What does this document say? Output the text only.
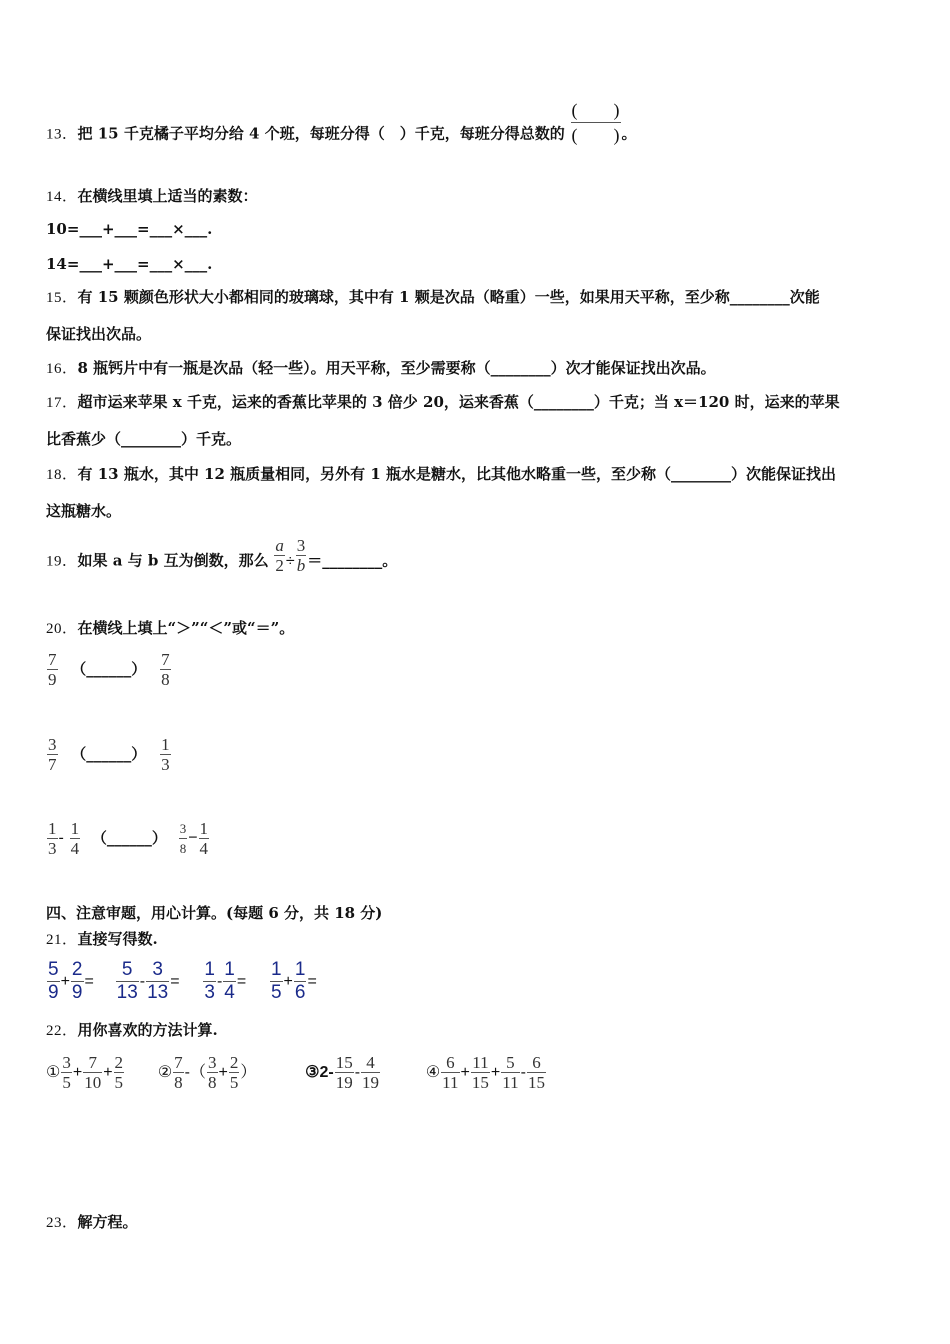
13．把 15 千克橘子平均分给 4 个班，每班分得（　）千克，每班分得总数的 $\frac{( )}{( )}$ 。
14．在横线里填上适当的素数：
10=___+___=___×___.
14=___+___=___×___.
15．有 15 颗颜色形状大小都相同的玻璃球，其中有 1 颗是次品（略重）一些，如果用天平称，至少称________次能
保证找出次品。
16．8 瓶钙片中有一瓶是次品（轻一些）。用天平称，至少需要称（________）次才能保证找出次品。
17．超市运来苹果 x 千克，运来的香蕉比苹果的 3 倍少 20，运来香蕉（________）千克；当 x＝120 时，运来的苹果
比香蕉少（________）千克。
18．有 13 瓶水，其中 12 瓶质量相同，另外有 1 瓶水是糖水，比其他水略重一些，至少称（________）次能保证找出
这瓶糖水。
19．如果 a 与 b 互为倒数，那么 $\frac{a}{2} \div \frac{3}{b}$ ＝________。
20．在横线上填上“＞”“＜”或“＝”。
$\frac{7}{9}$ （______） $\frac{7}{8}$
$\frac{3}{7}$ （______） $\frac{1}{3}$
$\frac{1}{3} - \frac{1}{4}$ （______） $\frac{3}{8} - \frac{1}{4}$
四、注意审题，用心计算。(每题 6 分，共 18 分)
21．直接写得数.
$\frac{5}{9} + \frac{2}{9} = \frac{5}{13} - \frac{3}{13} = \frac{1}{3} - \frac{1}{4} = \frac{1}{5} + \frac{1}{6}$ =
22．用你喜欢的方法计算.
① $\frac{3}{5} + \frac{7}{10} + \frac{2}{5}$ ② $\frac{7}{8}$ -（ $\frac{3}{8} + \frac{2}{5}$ ）	③2- $\frac{15}{19} - \frac{4}{19}$	④ $\frac{6}{11} + \frac{11}{15} + \frac{5}{11} - \frac{6}{15}$
23．解方程。
